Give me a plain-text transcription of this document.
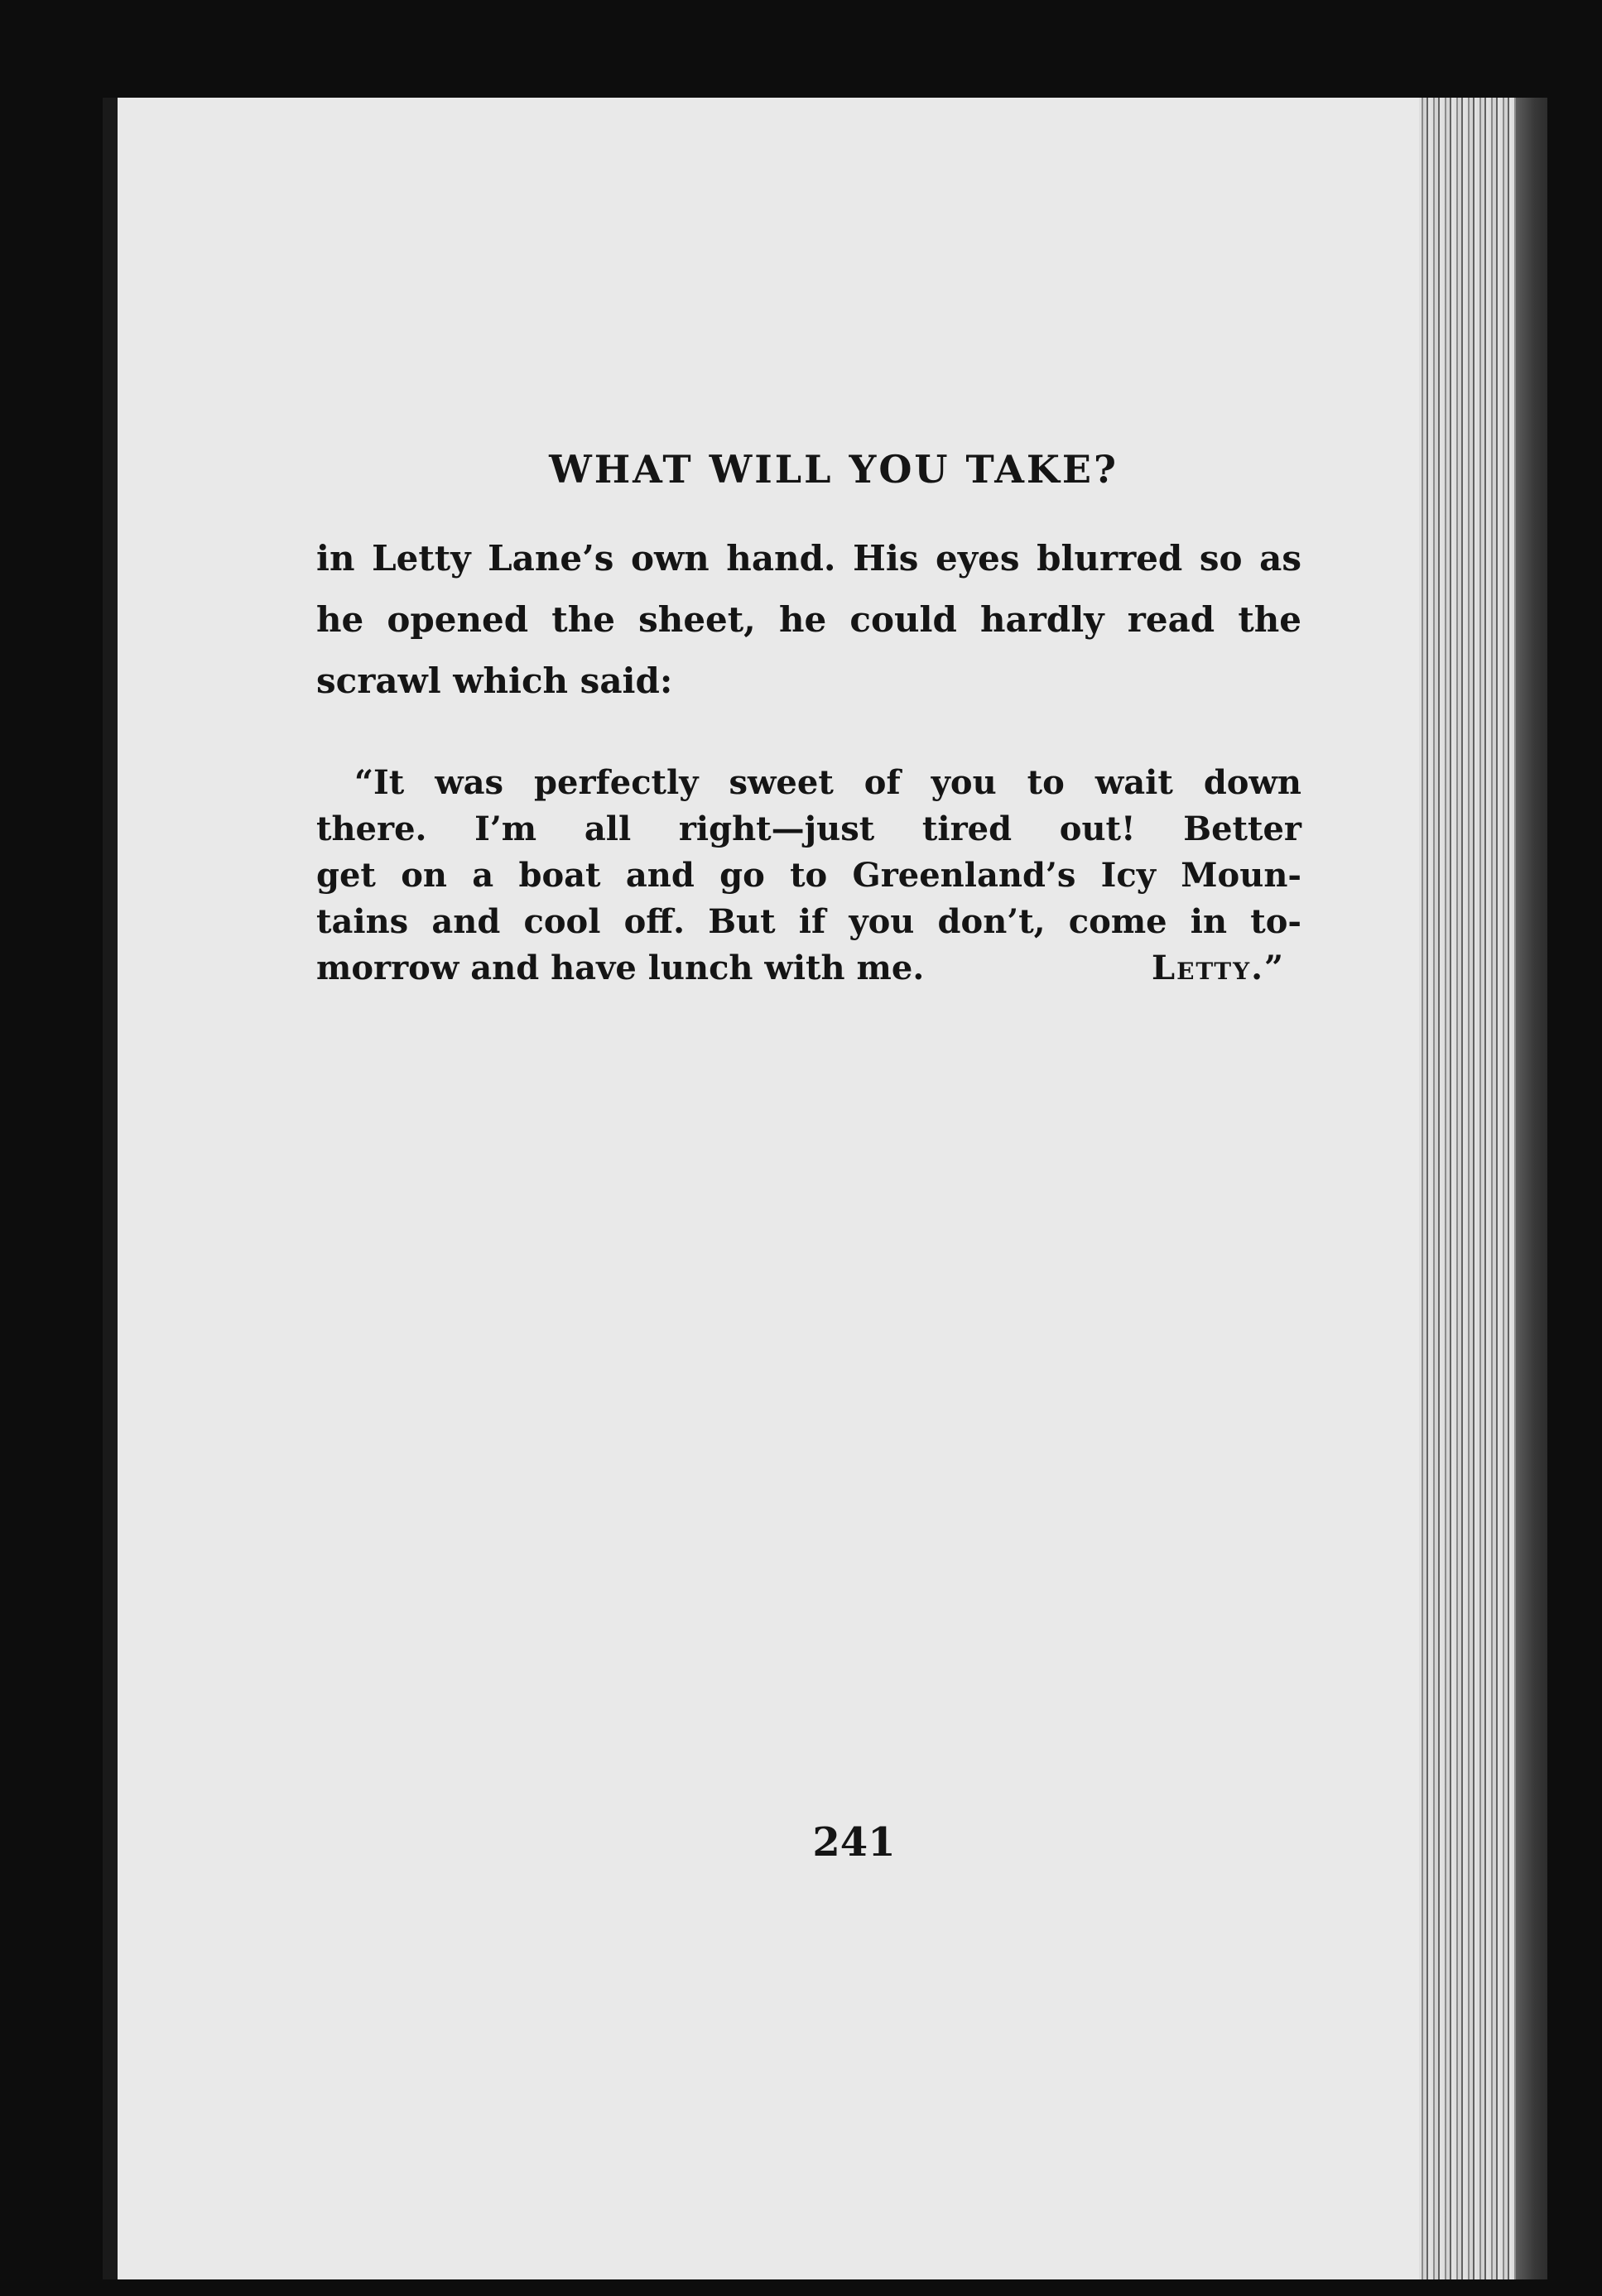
WHAT WILL YOU TAKE?
in Letty Lane’s own hand. His eyes blurred so as he opened the sheet, he could hardly read the scrawl which said:
“It was perfectly sweet of you to wait down
there. I’m all right—just tired out! Better
get on a boat and go to Greenland’s Icy Moun-
tains and cool off. But if you don’t, come in to-
morrow and have lunch with me.	Letty.”
241
